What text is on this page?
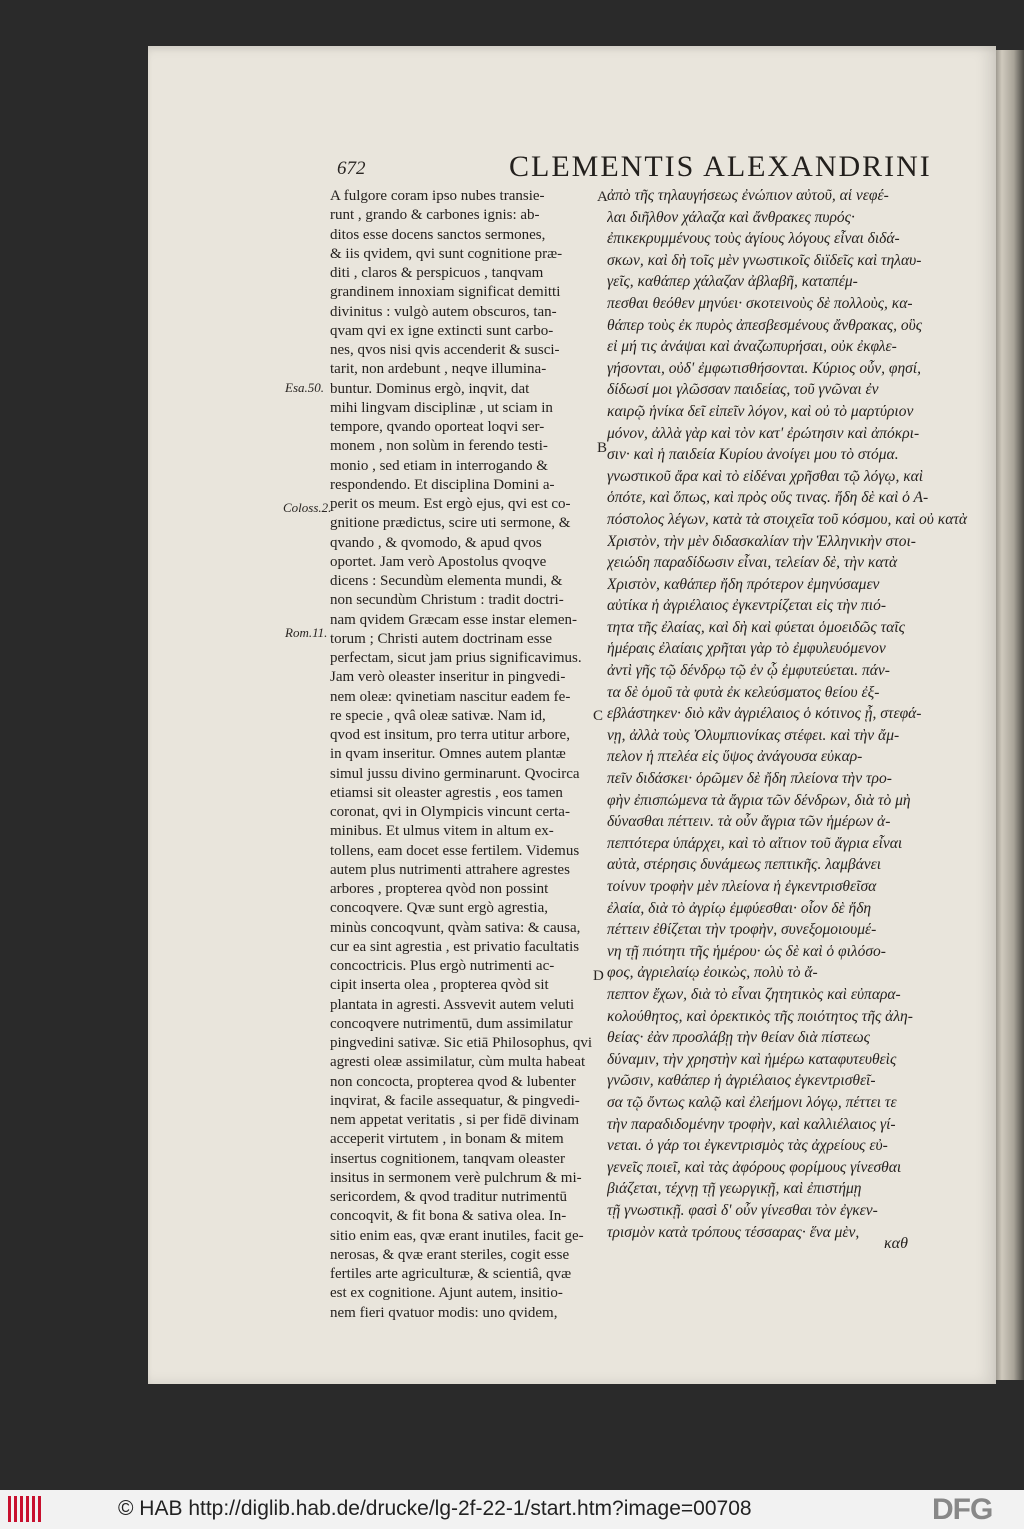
672	CLEMENTIS ALEXANDRINI
Esa.50.
Coloss.2.
Rom.11.
A
B
C
D
A fulgore coram ipso nubes transie-
runt , grando & carbones ignis: ab-
ditos esse docens sanctos sermones,
& iis qvidem, qvi sunt cognitione præ-
diti , claros & perspicuos , tanqvam
grandinem innoxiam significat demitti
divinitus : vulgò autem obscuros, tan-
qvam qvi ex igne extincti sunt carbo-
nes, qvos nisi qvis accenderit & susci-
tarit, non ardebunt , neqve illumina-
buntur. Dominus ergò, inqvit, dat
mihi lingvam disciplinæ , ut sciam in
tempore, qvando oporteat loqvi ser-
monem , non solùm in ferendo testi-
monio , sed etiam in interrogando &
respondendo. Et disciplina Domini a-
perit os meum. Est ergò ejus, qvi est co-
gnitione prædictus, scire uti sermone, &
qvando , & qvomodo, & apud qvos
oportet. Jam verò Apostolus qvoqve
dicens : Secundùm elementa mundi, &
non secundùm Christum : tradit doctri-
nam qvidem Græcam esse instar elemen-
torum ; Christi autem doctrinam esse
perfectam, sicut jam prius significavimus.
Jam verò oleaster inseritur in pingvedi-
nem oleæ: qvinetiam nascitur eadem fe-
re specie , qvâ oleæ sativæ. Nam id,
qvod est insitum, pro terra utitur arbore,
in qvam inseritur. Omnes autem plantæ
simul jussu divino germinarunt. Qvocirca
etiamsi sit oleaster agrestis , eos tamen
coronat, qvi in Olympicis vincunt certa-
minibus. Et ulmus vitem in altum ex-
tollens, eam docet esse fertilem. Videmus
autem plus nutrimenti attrahere agrestes
arbores , propterea qvòd non possint
concoqvere. Qvæ sunt ergò agrestia,
minùs concoqvunt, qvàm sativa: & causa,
cur ea sint agrestia , est privatio facultatis
concoctricis. Plus ergò nutrimenti ac-
cipit inserta olea , propterea qvòd sit
plantata in agresti. Assvevit autem veluti
concoqvere nutrimentū, dum assimilatur
pingvedini sativæ. Sic etiā Philosophus, qvi
agresti oleæ assimilatur, cùm multa habeat
non concocta, propterea qvod & lubenter
inqvirat, & facile assequatur, & pingvedi-
nem appetat veritatis , si per fidē divinam
acceperit virtutem , in bonam & mitem
insertus cognitionem, tanqvam oleaster
insitus in sermonem verè pulchrum & mi-
sericordem, & qvod traditur nutrimentū
concoqvit, & fit bona & sativa olea. In-
sitio enim eas, qvæ erant inutiles, facit ge-
nerosas, & qvæ erant steriles, cogit esse
fertiles arte agriculturæ, & scientiâ, qvæ
est ex cognitione. Ajunt autem, insitio-
nem fieri qvatuor modis: uno qvidem,
ἀπὸ τῆς τηλαυγήσεως ἐνώπιον αὐτοῦ, αἱ νεφέ-
λαι διῆλθον χάλαζα καὶ ἄνθρακες πυρός·
ἐπικεκρυμμένους τοὺς ἁγίους λόγους εἶναι διδά-
σκων, καὶ δὴ τοῖς μὲν γνωστικοῖς διϊδεῖς καὶ τηλαυ-
γεῖς, καθάπερ χάλαζαν ἀβλαβῆ, καταπέμ-
πεσθαι θεόθεν μηνύει· σκοτεινοὺς δὲ πολλοὺς, κα-
θάπερ τοὺς ἐκ πυρὸς ἀπεσβεσμένους ἄνθρακας, οὓς
εἰ μή τις ἀνάψαι καὶ ἀναζωπυρήσαι, οὐκ ἐκφλε-
γήσονται, οὐδ' ἐμφωτισθήσονται. Κύριος οὖν, φησί,
δίδωσί μοι γλῶσσαν παιδείας, τοῦ γνῶναι ἐν
καιρῷ ἡνίκα δεῖ εἰπεῖν λόγον, καὶ οὐ τὸ μαρτύριον
μόνον, ἀλλὰ γὰρ καὶ τὸν κατ' ἐρώτησιν καὶ ἀπόκρι-
σιν· καὶ ἡ παιδεία Κυρίου ἀνοίγει μου τὸ στόμα.
γνωστικοῦ ἄρα καὶ τὸ εἰδέναι χρῆσθαι τῷ λόγῳ, καὶ
ὁπότε, καὶ ὅπως, καὶ πρὸς οὕς τινας. ἤδη δὲ καὶ ὁ Α-
πόστολος λέγων, κατὰ τὰ στοιχεῖα τοῦ κόσμου, καὶ οὐ κατὰ
Χριστὸν, τὴν μὲν διδασκαλίαν τὴν Ἑλληνικὴν στοι-
χειώδη παραδίδωσιν εἶναι, τελείαν δὲ, τὴν κατὰ
Χριστὸν, καθάπερ ἤδη πρότερον ἐμηνύσαμεν
αὐτίκα ἡ ἀγριέλαιος ἐγκεντρίζεται εἰς τὴν πιό-
τητα τῆς ἐλαίας, καὶ δὴ καὶ φύεται ὁμοειδῶς ταῖς
ἡμέραις ἐλαίαις χρῆται γὰρ τὸ ἐμφυλευόμενον
ἀντὶ γῆς τῷ δένδρῳ τῷ ἐν ᾧ ἐμφυτεύεται. πάν-
τα δὲ ὁμοῦ τὰ φυτὰ ἐκ κελεύσματος θείου ἐξ-
εβλάστηκεν· διὸ κἂν ἀγριέλαιος ὁ κότινος ᾖ, στεφά-
νῃ, ἀλλὰ τοὺς Ὀλυμπιονίκας στέφει. καὶ τὴν ἄμ-
πελον ἡ πτελέα εἰς ὕψος ἀνάγουσα εὐκαρ-
πεῖν διδάσκει· ὁρῶμεν δὲ ἤδη πλείονα τὴν τρο-
φὴν ἐπισπώμενα τὰ ἄγρια τῶν δένδρων, διὰ τὸ μὴ
δύνασθαι πέττειν. τὰ οὖν ἄγρια τῶν ἡμέρων ἀ-
πεπτότερα ὑπάρχει, καὶ τὸ αἴτιον τοῦ ἄγρια εἶναι
αὐτὰ, στέρησις δυνάμεως πεπτικῆς. λαμβάνει
τοίνυν τροφὴν μὲν πλείονα ἡ ἐγκεντρισθεῖσα
ἐλαία, διὰ τὸ ἀγρίῳ ἐμφύεσθαι· οἷον δὲ ἤδη
πέττειν ἐθίζεται τὴν τροφὴν, συνεξομοιουμέ-
νη τῇ πιότητι τῆς ἡμέρου· ὡς δὲ καὶ ὁ φιλόσο-
φος, ἀγριελαίῳ ἐοικὼς, πολὺ τὸ ἄ-
πεπτον ἔχων, διὰ τὸ εἶναι ζητητικὸς καὶ εὐπαρα-
κολούθητος, καὶ ὀρεκτικὸς τῆς ποιότητος τῆς ἀλη-
θείας· ἐὰν προσλάβῃ τὴν θείαν διὰ πίστεως
δύναμιν, τὴν χρηστὴν καὶ ἡμέρω καταφυτευθεὶς
γνῶσιν, καθάπερ ἡ ἀγριέλαιος ἐγκεντρισθεῖ-
σα τῷ ὄντως καλῷ καὶ ἐλεήμονι λόγῳ, πέττει τε
τὴν παραδιδομένην τροφὴν, καὶ καλλιέλαιος γί-
νεται. ὁ γάρ τοι ἐγκεντρισμὸς τὰς ἀχρείους εὐ-
γενεῖς ποιεῖ, καὶ τὰς ἀφόρους φορίμους γίνεσθαι
βιάζεται, τέχνῃ τῇ γεωργικῇ, καὶ ἐπιστήμῃ
τῇ γνωστικῇ. φασὶ δ' οὖν γίνεσθαι τὸν ἐγκεν-
τρισμὸν κατὰ τρόπους τέσσαρας· ἕνα μὲν,
καθ
© HAB http://diglib.hab.de/drucke/lg-2f-22-1/start.htm?image=00708	DFG
